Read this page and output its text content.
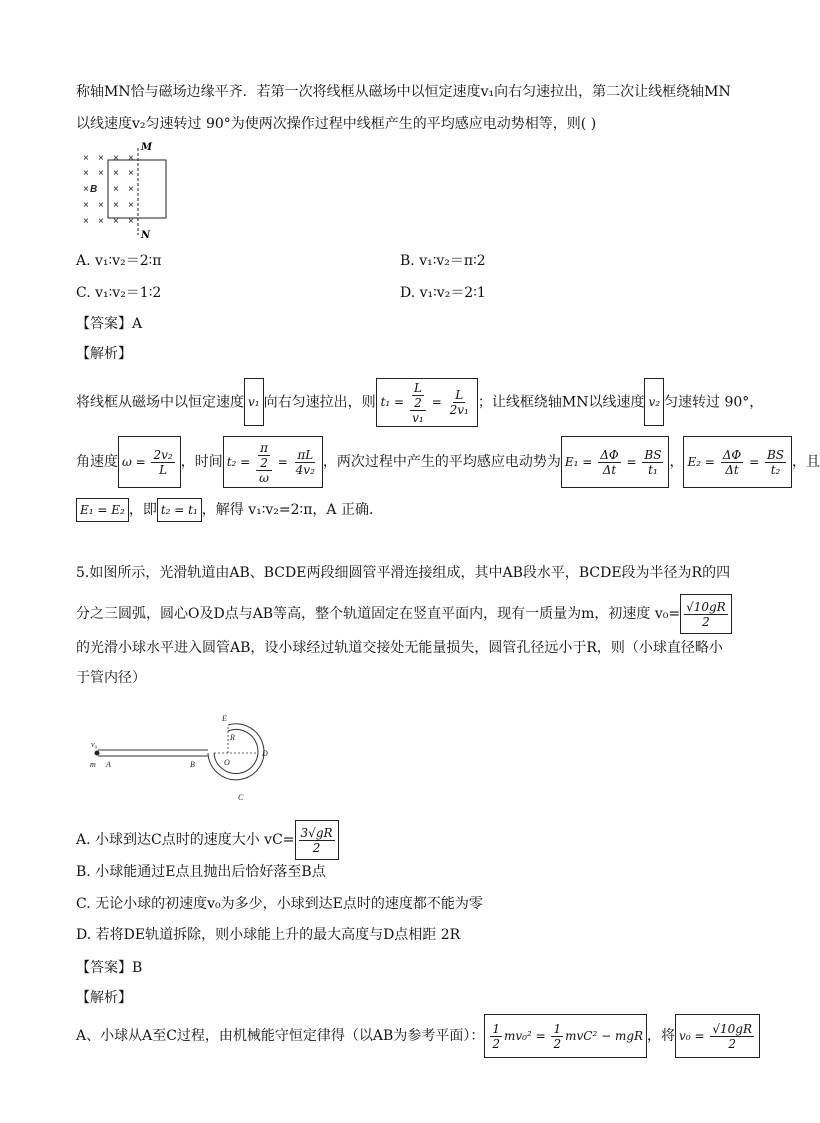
称轴MN恰与磁场边缘平齐．若第一次将线框从磁场中以恒定速度v₁向右匀速拉出，第二次让线框绕轴MN
以线速度v₂匀速转过 90°为使两次操作过程中线框产生的平均感应电动势相等，则( )
× × × ×
× × × ×
× B × ×
× × × ×
× × × ×
M
N
A. v₁∶v₂＝2∶π	B. v₁∶v₂＝π∶2
C. v₁∶v₂＝1∶2	D. v₁∶v₂＝2∶1
【答案】A
【解析】
将线框从磁场中以恒定速度 v₁ 向右匀速拉出，则 $t_1 = \frac{\frac{L}{2}}{\text{v₁}} = \frac{L}{\text{2v₁}}$ ；让线框绕轴MN以线速度 v₂ 匀速转过 90°，
角速度 $\omega = \frac{\text{2v₂}}{L}$ ，时间 $t_2 = \frac{\frac{\pi}{2}}{\omega} = \frac{\pi L}{\text{4v₂}}$ ，两次过程中产生的平均感应电动势为 $E_1 = \frac{\Delta\Phi}{\Delta t} = \frac{BS}{\text{t₁}}$ ， $E_2 = \frac{\Delta\Phi}{\Delta t} = \frac{BS}{\text{t₂}}$ ，且
E₁ = E₂ ，即 t₂ = t₁ ，解得 v₁∶v₂=2∶π，A 正确．
5.如图所示，光滑轨道由AB、BCDE两段细圆管平滑连接组成，其中AB段水平，BCDE段为半径为R的四
分之三圆弧，圆心O及D点与AB等高，整个轨道固定在竖直平面内，现有一质量为m，初速度 $v_0= \frac{√10gR}{2}$
的光滑小球水平进入圆管AB，设小球经过轨道交接处无能量损失，圆管孔径远小于R，则（小球直径略小
于管内径）
v₀
m A	B
C
D
E
O
R
A. 小球到达C点时的速度大小 $vC= \frac{3√gR}{2}$
B. 小球能通过E点且抛出后恰好落至B点
C. 无论小球的初速度v₀为多少，小球到达E点时的速度都不能为零
D. 若将DE轨道拆除，则小球能上升的最大高度与D点相距 2R
【答案】B
【解析】
A、小球从A至C过程，由机械能守恒定律得（以AB为参考平面）： $\frac{1}{2} mv_0^2 = \frac{1}{2} mvC^2$ − mgR ，将 $v_0 = \frac{√10gR}{2}$
